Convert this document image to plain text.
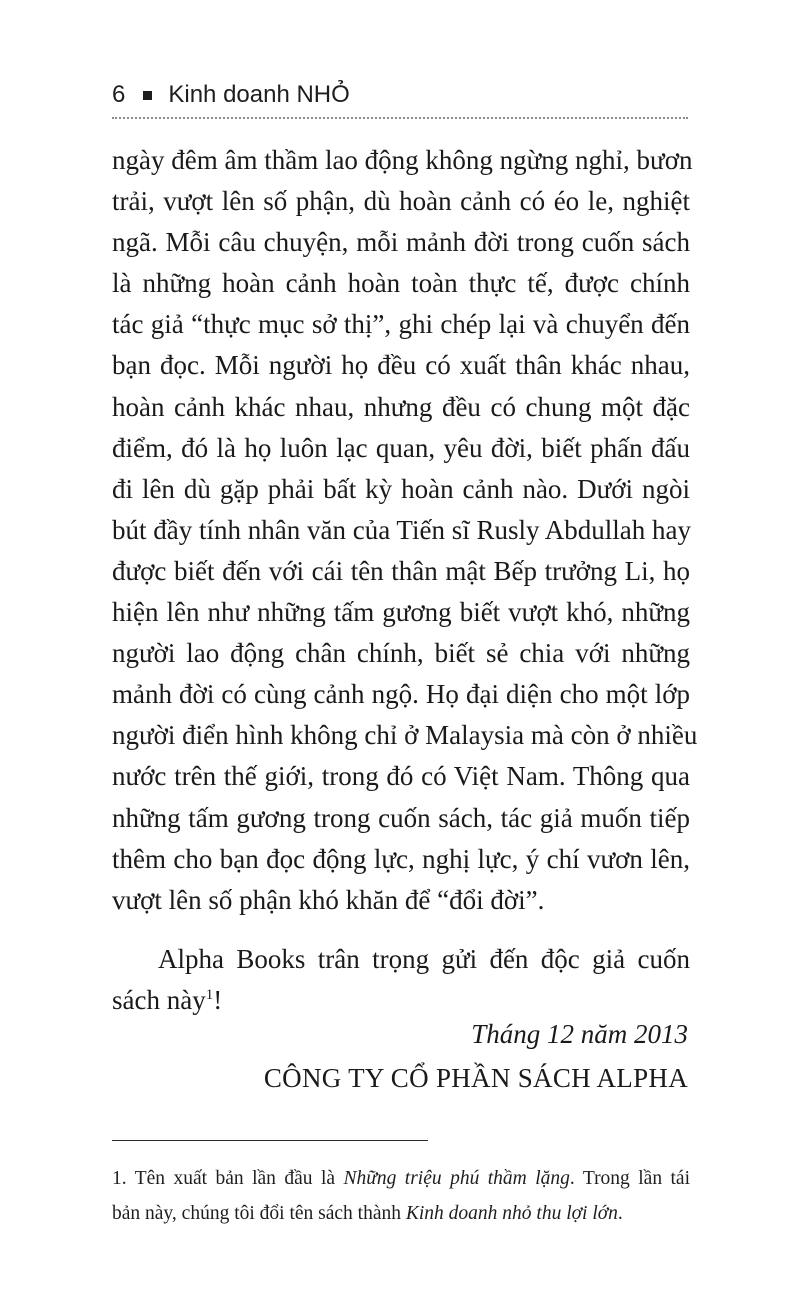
6 Kinh doanh NHỎ
ngày đêm âm thầm lao động không ngừng nghỉ, bươn
trải, vượt lên số phận, dù hoàn cảnh có éo le, nghiệt
ngã. Mỗi câu chuyện, mỗi mảnh đời trong cuốn sách
là những hoàn cảnh hoàn toàn thực tế, được chính
tác giả “thực mục sở thị”, ghi chép lại và chuyển đến
bạn đọc. Mỗi người họ đều có xuất thân khác nhau,
hoàn cảnh khác nhau, nhưng đều có chung một đặc
điểm, đó là họ luôn lạc quan, yêu đời, biết phấn đấu
đi lên dù gặp phải bất kỳ hoàn cảnh nào. Dưới ngòi
bút đầy tính nhân văn của Tiến sĩ Rusly Abdullah hay
được biết đến với cái tên thân mật Bếp trưởng Li, họ
hiện lên như những tấm gương biết vượt khó, những
người lao động chân chính, biết sẻ chia với những
mảnh đời có cùng cảnh ngộ. Họ đại diện cho một lớp
người điển hình không chỉ ở Malaysia mà còn ở nhiều
nước trên thế giới, trong đó có Việt Nam. Thông qua
những tấm gương trong cuốn sách, tác giả muốn tiếp
thêm cho bạn đọc động lực, nghị lực, ý chí vươn lên,
vượt lên số phận khó khăn để “đổi đời”.
Alpha Books trân trọng gửi đến độc giả cuốn
sách này$^1$!
Tháng 12 năm 2013
CÔNG TY CỔ PHẦN SÁCH ALPHA
1. Tên xuất bản lần đầu là Những triệu phú thầm lặng. Trong lần tái
bản này, chúng tôi đổi tên sách thành Kinh doanh nhỏ thu lợi lớn.
